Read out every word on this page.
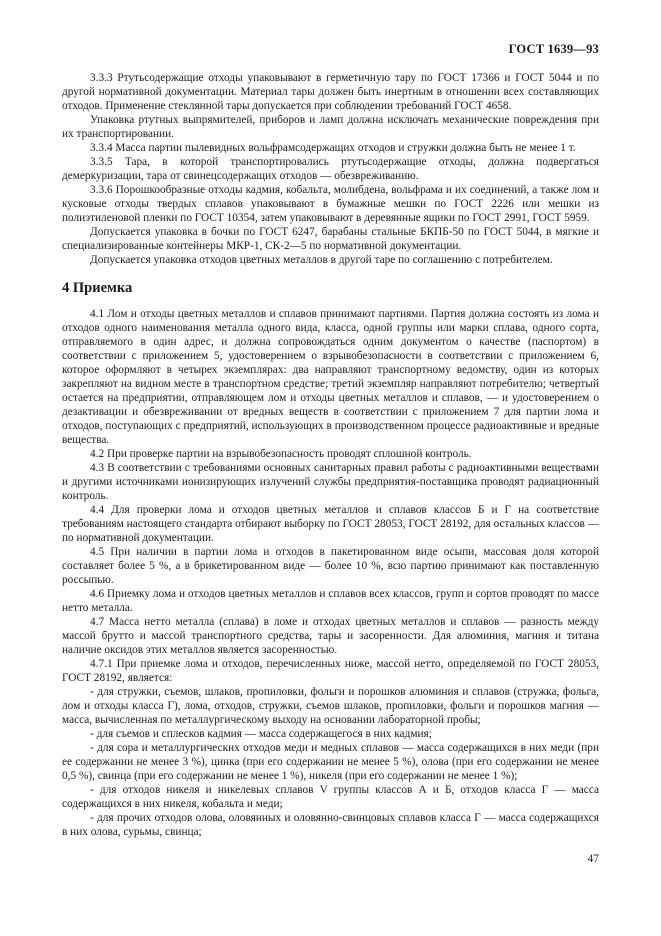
ГОСТ 1639—93

3.3.3 Ртутьсодержащие отходы упаковывают в герметичную тару по ГОСТ 17366 и ГОСТ 5044 и по другой нормативной документации. Материал тары должен быть инертным в отношении всех составляющих отходов. Применение стеклянной тары допускается при соблюдении требований ГОСТ 4658.

Упаковка ртутных выпрямителей, приборов и ламп должна исключать механические повреждения при их транспортировании.

3.3.4 Масса партии пылевидных вольфрамсодержащих отходов и стружки должна быть не менее 1 т.

3.3.5 Тара, в которой транспортировались ртутьсодержащие отходы, должна подвергаться демеркуризации, тара от свинецсодержащих отходов — обезвреживанию.

3.3.6 Порошкообразные отходы кадмия, кобальта, молибдена, вольфрама и их соединений, а также лом и кусковые отходы твердых сплавов упаковывают в бумажные мешки по ГОСТ 2226 или мешки из полиэтиленовой пленки по ГОСТ 10354, затем упаковывают в деревянные ящики по ГОСТ 2991, ГОСТ 5959.

Допускается упаковка в бочки по ГОСТ 6247, барабаны стальные БКПБ-50 по ГОСТ 5044, в мягкие и специализированные контейнеры МКР-1, СК-2—5 по нормативной документации.

Допускается упаковка отходов цветных металлов в другой таре по соглашению с потребителем.

4 Приемка

4.1 Лом и отходы цветных металлов и сплавов принимают партиями. Партия должна состоять из лома и отходов одного наименования металла одного вида, класса, одной группы или марки сплава, одного сорта, отправляемого в один адрес, и должна сопровождаться одним документом о качестве (паспортом) в соответствии с приложением 5, удостоверением о взрывобезопасности в соответствии с приложением 6, которое оформляют в четырех экземплярах: два направляют транспортному ведомству, один из которых закрепляют на видном месте в транспортном средстве; третий экземпляр направляют потребителю; четвертый остается на предприятии, отправляющем лом и отходы цветных металлов и сплавов, — и удостоверением о дезактивации и обезвреживании от вредных веществ в соответствии с приложением 7 для партии лома и отходов, поступающих с предприятий, использующих в производственном процессе радиоактивные и вредные вещества.

4.2 При проверке партии на взрывобезопасность проводят сплошной контроль.

4.3 В соответствии с требованиями основных санитарных правил работы с радиоактивными веществами и другими источниками ионизирующих излучений службы предприятия-поставщика проводят радиационный контроль.

4.4 Для проверки лома и отходов цветных металлов и сплавов классов Б и Г на соответствие требованиям настоящего стандарта отбирают выборку по ГОСТ 28053, ГОСТ 28192, для остальных классов — по нормативной документации.

4.5 При наличии в партии лома и отходов в пакетированном виде осыпи, массовая доля которой составляет более 5 %, а в брикетированном виде — более 10 %, всю партию принимают как поставленную россыпью.

4.6 Приемку лома и отходов цветных металлов и сплавов всех классов, групп и сортов проводят по массе нетто металла.

4.7 Масса нетто металла (сплава) в ломе и отходах цветных металлов и сплавов — разность между массой брутто и массой транспортного средства, тары и засоренности. Для алюминия, магния и титана наличие оксидов этих металлов является засоренностью.

4.7.1 При приемке лома и отходов, перечисленных ниже, массой нетто, определяемой по ГОСТ 28053, ГОСТ 28192, является:

- для стружки, съемов, шлаков, пропиловки, фольги и порошков алюминия и сплавов (стружка, фольга, лом и отходы класса Г), лома, отходов, стружки, съемов шлаков, пропиловки, фольги и порошков магния — масса, вычисленная по металлургическому выходу на основании лабораторной пробы;

- для съемов и сплесков кадмия — масса содержащегося в них кадмия;

- для сора и металлургических отходов меди и медных сплавов — масса содержащихся в них меди (при ее содержании не менее 3 %), цинка (при его содержании не менее 5 %), олова (при его содержании не менее 0,5 %), свинца (при его содержании не менее 1 %), никеля (при его содержании не менее 1 %);

- для отходов никеля и никелевых сплавов V группы классов А и Б, отходов класса Г — масса содержащихся в них никеля, кобальта и меди;

- для прочих отходов олова, оловянных и оловянно-свинцовых сплавов класса Г — масса содержащихся в них олова, сурьмы, свинца;

47
